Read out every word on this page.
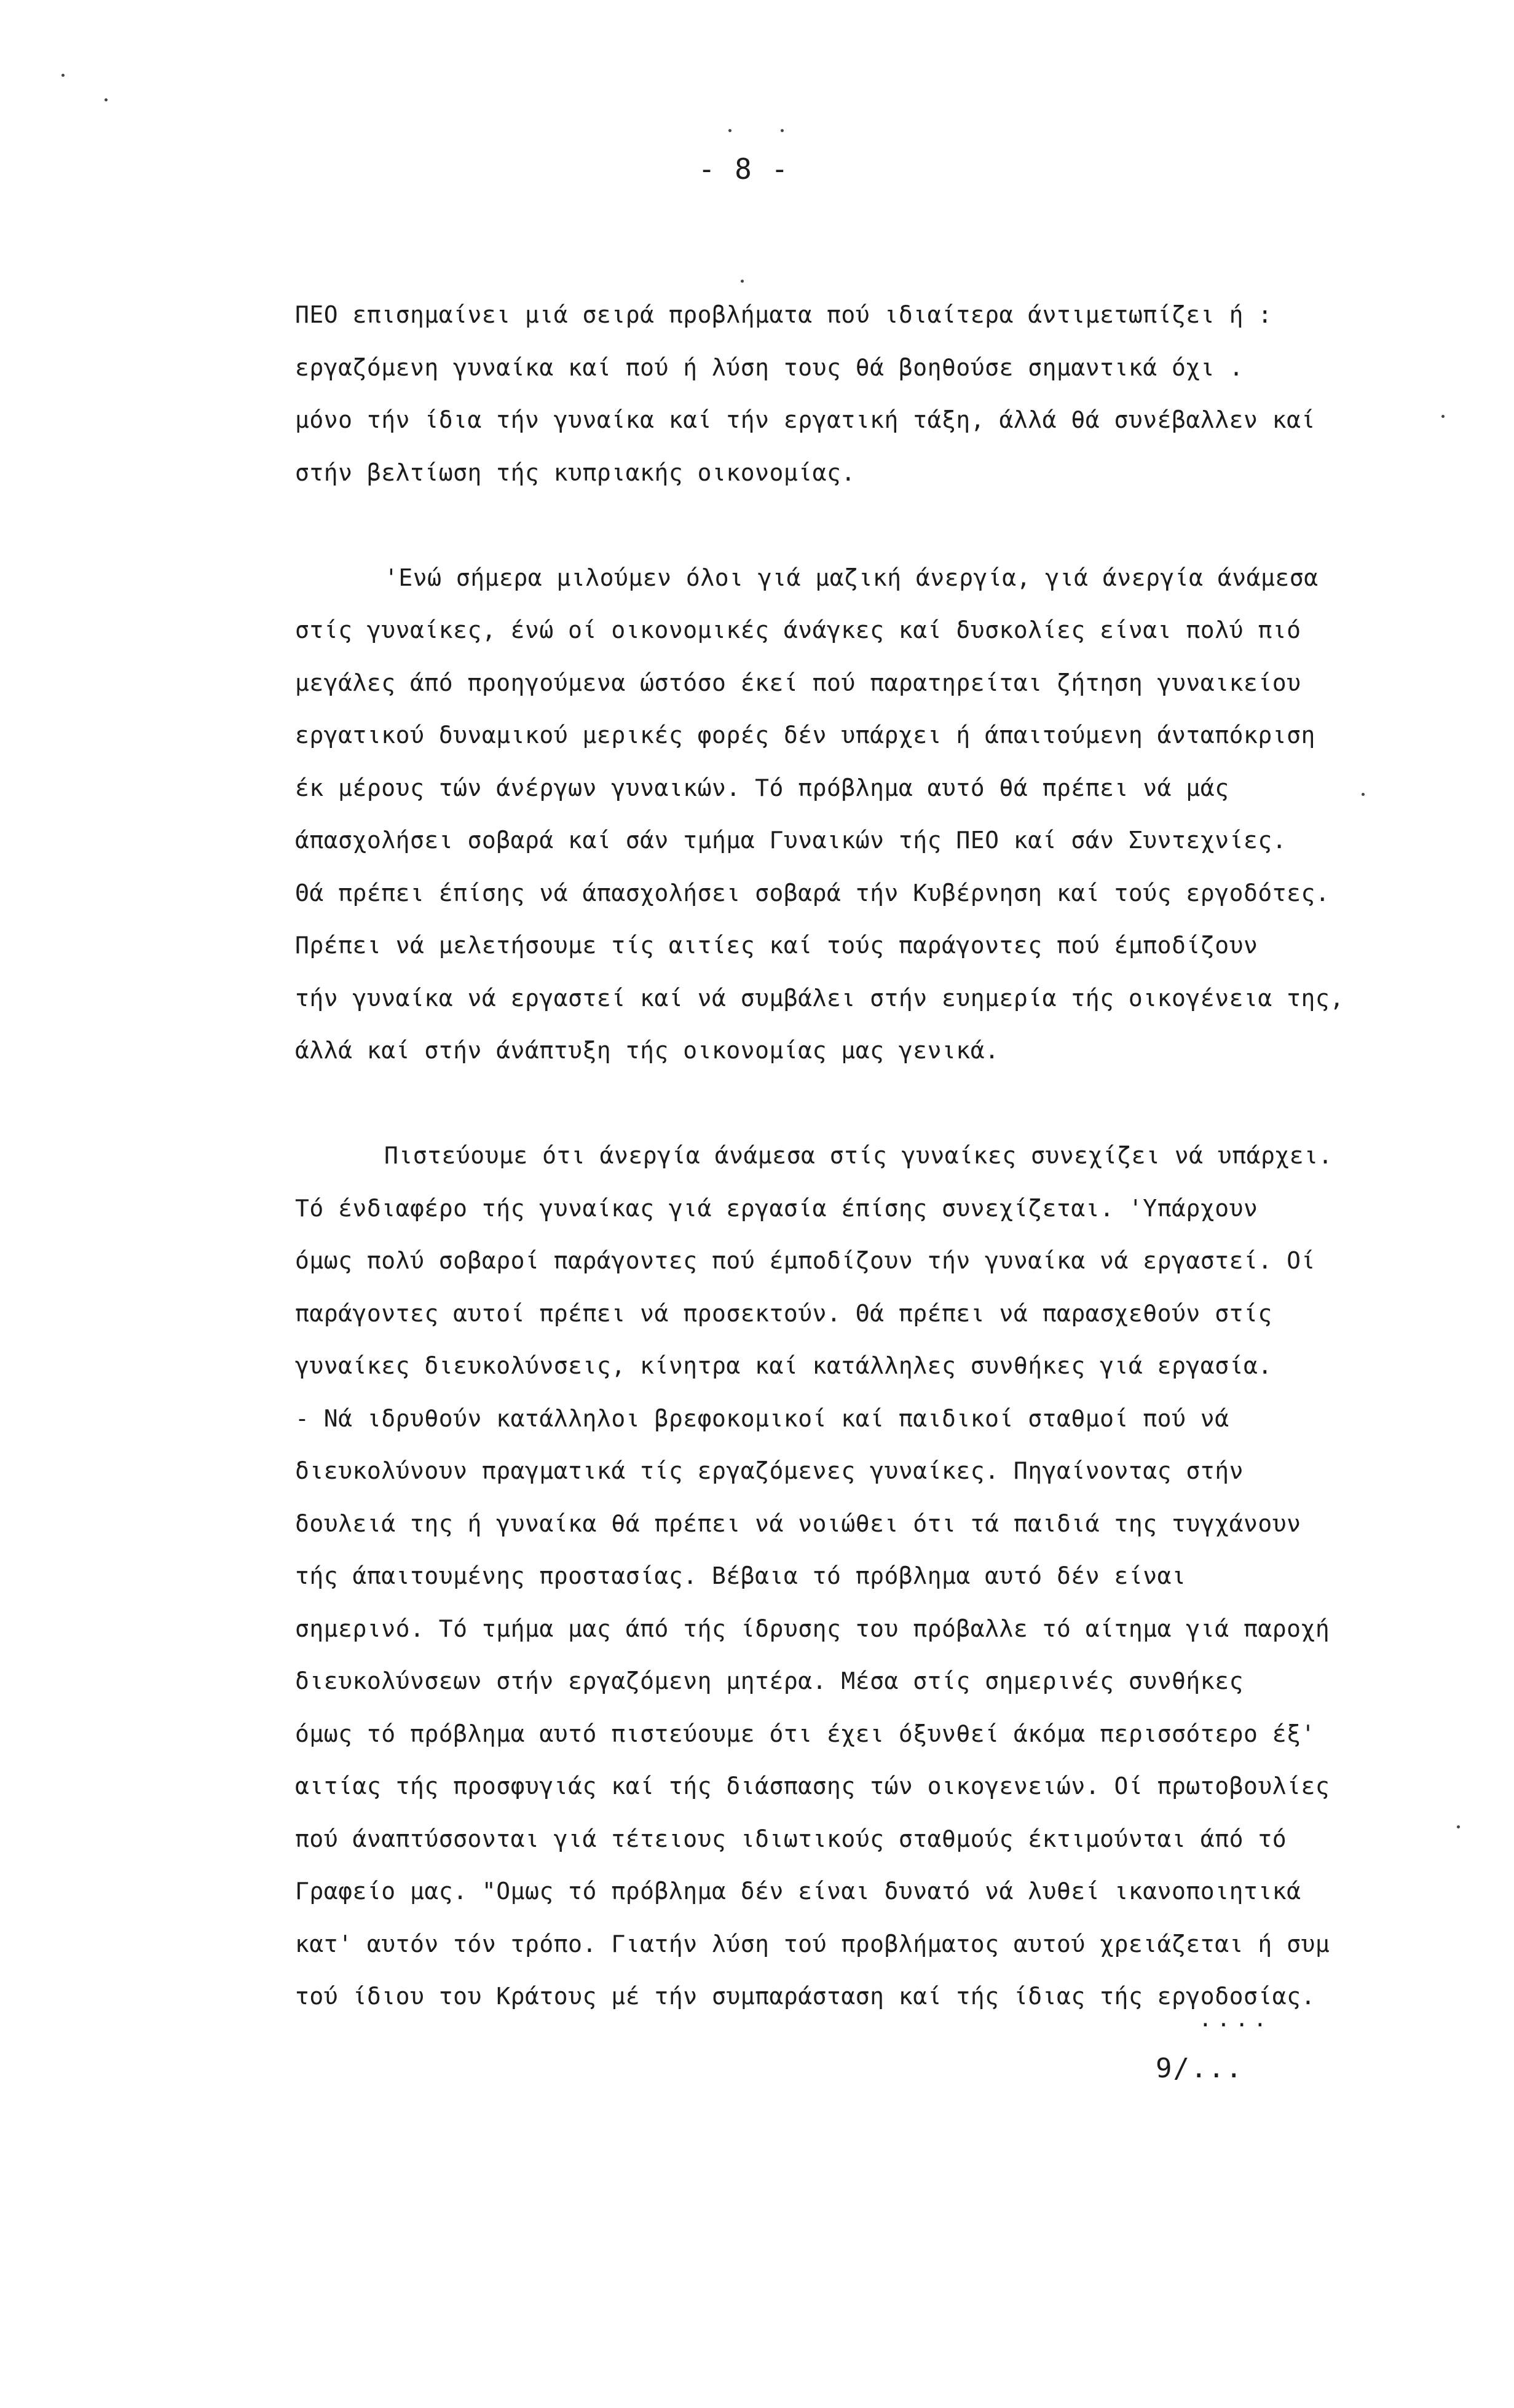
- 8 -
ΠΕΟ επισημαίνει μιά σειρά προβλήματα πού ιδιαίτερα άντιμετωπίζει ή :
εργαζόμενη γυναίκα καί πού ή λύση τους θά βοηθούσε σημαντικά όχι .
μόνο τήν ίδια τήν γυναίκα καί τήν εργατική τάξη, άλλά θά συνέβαλλεν καί
στήν βελτίωση τής κυπριακής οικονομίας.
'Ενώ σήμερα μιλούμεν όλοι γιά μαζική άνεργία, γιά άνεργία άνάμεσα
στίς γυναίκες, ένώ οί οικονομικές άνάγκες καί δυσκολίες είναι πολύ πιό
μεγάλες άπό προηγούμενα ώστόσο έκεί πού παρατηρείται ζήτηση γυναικείου
εργατικού δυναμικού μερικές φορές δέν υπάρχει ή άπαιτούμενη άνταπόκριση
έκ μέρους τών άνέργων γυναικών. Τό πρόβλημα αυτό θά πρέπει νά μάς
άπασχολήσει σοβαρά καί σάν τμήμα Γυναικών τής ΠΕΟ καί σάν Συντεχνίες.
Θά πρέπει έπίσης νά άπασχολήσει σοβαρά τήν Κυβέρνηση καί τούς εργοδότες.
Πρέπει νά μελετήσουμε τίς αιτίες καί τούς παράγοντες πού έμποδίζουν
τήν γυναίκα νά εργαστεί καί νά συμβάλει στήν ευημερία τής οικογένεια της,
άλλά καί στήν άνάπτυξη τής οικονομίας μας γενικά.
Πιστεύουμε ότι άνεργία άνάμεσα στίς γυναίκες συνεχίζει νά υπάρχει.
Τό ένδιαφέρο τής γυναίκας γιά εργασία έπίσης συνεχίζεται. 'Υπάρχουν
όμως πολύ σοβαροί παράγοντες πού έμποδίζουν τήν γυναίκα νά εργαστεί. Οί
παράγοντες αυτοί πρέπει νά προσεκτούν. Θά πρέπει νά παρασχεθούν στίς
γυναίκες διευκολύνσεις, κίνητρα καί κατάλληλες συνθήκες γιά εργασία.
- Νά ιδρυθούν κατάλληλοι βρεφοκομικοί καί παιδικοί σταθμοί πού νά
διευκολύνουν πραγματικά τίς εργαζόμενες γυναίκες. Πηγαίνοντας στήν
δουλειά της ή γυναίκα θά πρέπει νά νοιώθει ότι τά παιδιά της τυγχάνουν
τής άπαιτουμένης προστασίας. Βέβαια τό πρόβλημα αυτό δέν είναι
σημερινό. Τό τμήμα μας άπό τής ίδρυσης του πρόβαλλε τό αίτημα γιά παροχή
διευκολύνσεων στήν εργαζόμενη μητέρα. Μέσα στίς σημερινές συνθήκες
όμως τό πρόβλημα αυτό πιστεύουμε ότι έχει όξυνθεί άκόμα περισσότερο έξ'
αιτίας τής προσφυγιάς καί τής διάσπασης τών οικογενειών. Οί πρωτοβουλίες
πού άναπτύσσονται γιά τέτειους ιδιωτικούς σταθμούς έκτιμούνται άπό τό
Γραφείο μας. "Ομως τό πρόβλημα δέν είναι δυνατό νά λυθεί ικανοποιητικά
κατ' αυτόν τόν τρόπο. Γιατήν λύση τού προβλήματος αυτού χρειάζεται ή συμ
τού ίδιου του Κράτους μέ τήν συμπαράσταση καί τής ίδιας τής εργοδοσίας.
....
9/...
